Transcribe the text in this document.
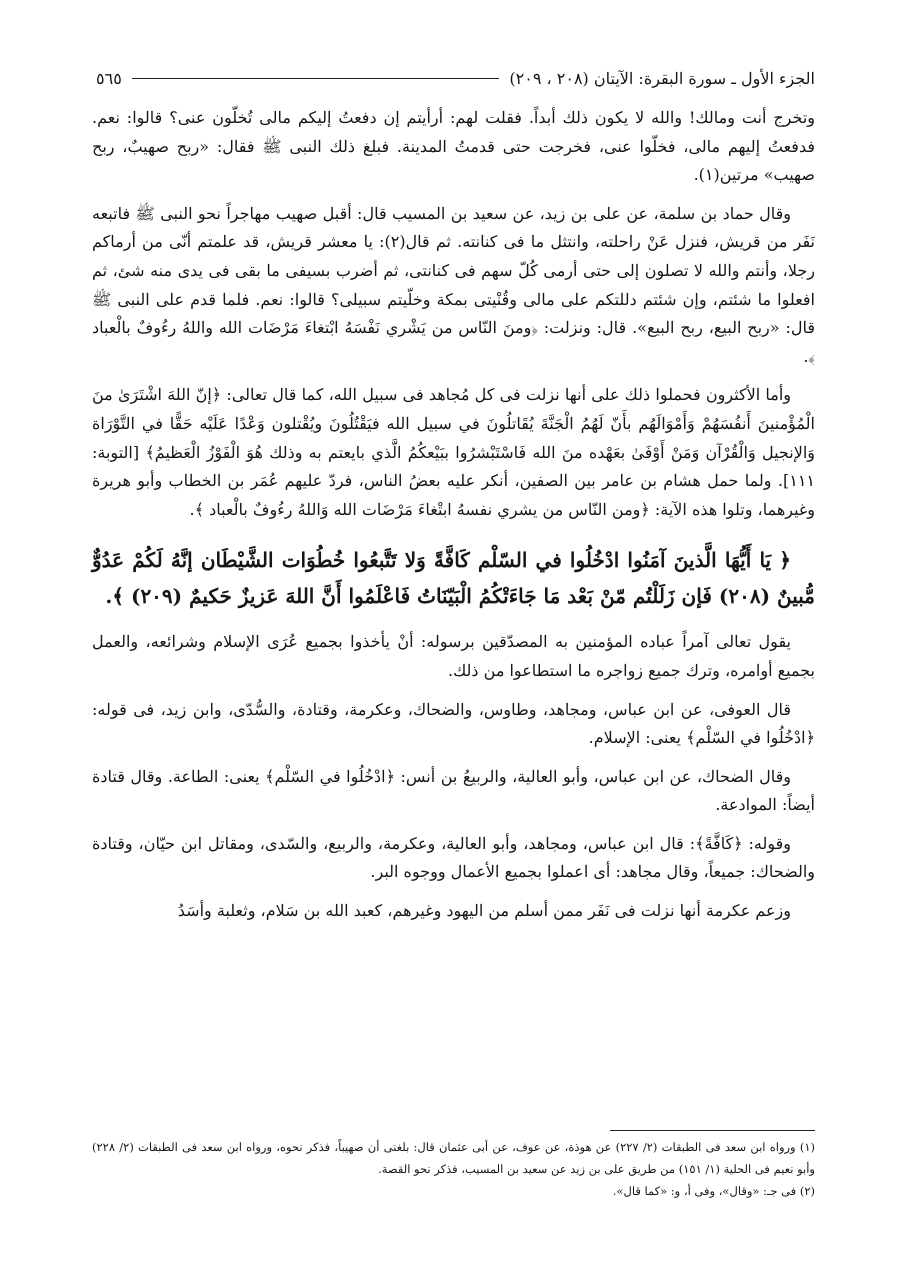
الجزء الأول ـ سورة البقرة: الآيتان (٢٠٨ ، ٢٠٩)
٥٦٥

وتخرج أنت ومالك! والله لا يكون ذلك أبداً. فقلت لهم: أرأيتم إن دفعتُ إليكم مالى تُخلّون عنى؟ قالوا: نعم. فدفعتُ إليهم مالى، فخلّوا عنى، فخرجت حتى قدمتُ المدينة. فبلغ ذلك النبى ﷺ فقال: «ربح صهيبٌ، ربح صهيب» مرتين(١).

وقال حماد بن سلمة، عن على بن زيد، عن سعيد بن المسيب قال: أقبل صهيب مهاجراً نحو النبى ﷺ فاتبعه نَفَر من قريش، فنزل عَنْ راحلته، وانتثل ما فى كنانته. ثم قال(٢): يا معشر قريش، قد علمتم أنّى من أرماكم رجلا، وأنتم والله لا تصلون إلى حتى أرمى كُلّ سهم فى كنانتى، ثم أضرب بسيفى ما بقى فى يدى منه شئ، ثم افعلوا ما شئتم، وإن شئتم دللتكم على مالى وقُنْيتى بمكة وخلّيتم سبيلى؟ قالوا: نعم. فلما قدم على النبى ﷺ قال: «ربح البيع، ربح البيع». قال: ونزلت: ﴿ومنَ النّاس من يَشْري نَفْسَهُ ابْتغاءَ مَرْضَات الله واللهُ رءُوفٌ بالْعباد ﴾.

وأما الأكثرون فحملوا ذلك على أنها نزلت فى كل مُجاهد فى سبيل الله، كما قال تعالى: ﴿إنّ اللهَ اشْتَرَىٰ منَ الْمُؤْمنينَ أَنفُسَهُمْ وَأَمْوَالَهُم بأَنّ لَهُمُ الْجَنَّةَ يُقَاتلُونَ في سبيل الله فيَقْتُلُونَ ويُقْتلون وَعْدًا عَلَيْه حَقًّا في التَّوْرَاة وَالإنجيل وَالْقُرْآن وَمَنْ أَوْفَىٰ بعَهْده منَ الله فَاسْتَبْشرُوا ببَيْعكُمُ الَّذي بايعتم به وذلك هُوَ الْفَوْزُ الْعَظيمُ﴾ [التوبة: ١١١]. ولما حمل هشام بن عامر بين الصفين، أنكر عليه بعضُ الناس، فردّ عليهم عُمَر بن الخطاب وأبو هريرة وغيرهما، وتلوا هذه الآية: ﴿ومن النّاس من يشري نفسهُ ابتْغاءَ مَرْضَات الله وَاللهُ رءُوفٌ بالْعباد ﴾.

﴿ يَا أَيُّهَا الَّذينَ آمَنُوا ادْخُلُوا في السّلْم كَافَّةً وَلا تَتَّبعُوا خُطُوَات الشَّيْطَان إنَّهُ لَكُمْ عَدُوٌّ مُّبينٌ (٢٠٨) فَإن زَلَلْتُم مّنْ بَعْد مَا جَاءَتْكُمُ الْبَيّنَاتُ فَاعْلَمُوا أَنَّ اللهَ عَزيزٌ حَكيمٌ (٢٠٩) ﴾.

يقول تعالى آمراً عباده المؤمنين به المصدّقين برسوله: أنْ يأخذوا بجميع عُرَى الإسلام وشرائعه، والعمل بجميع أوامره، وترك جميع زواجره ما استطاعوا من ذلك.

قال العوفى، عن ابن عباس، ومجاهد، وطاوس، والضحاك، وعكرمة، وقتادة، والسُّدّى، وابن زيد، فى قوله: ﴿ادْخُلُوا في السّلْم﴾ يعنى: الإسلام.

وقال الضحاك، عن ابن عباس، وأبو العالية، والربيعُ بن أنس: ﴿ادْخُلُوا في السّلْم﴾ يعنى: الطاعة. وقال قتادة أيضاً: الموادعة.

وقوله: ﴿كَافَّةً﴾: قال ابن عباس، ومجاهد، وأبو العالية، وعكرمة، والربيع، والسّدى، ومقاتل ابن حيّان، وقتادة والضحاك: جميعاً، وقال مجاهد: أى اعملوا بجميع الأعمال ووجوه البر.

وزعم عكرمة أنها نزلت فى نَفَر ممن أسلم من اليهود وغيرهم، كعبد الله بن سَلام، وثعلبة وأسَدُ

(١) ورواه ابن سعد فى الطبقات (٢/ ٢٢٧) عن هوذة، عن عوف، عن أبى عثمان قال: بلغنى أن صهيباً، فذكر نحوه، ورواه ابن سعد فى الطبقات (٢/ ٢٢٨) وأبو نعيم فى الحلية (١/ ١٥١) من طريق على بن زيد عن سعيد بن المسيب، فذكر نحو القصة.

(٢) فى جـ: «وقال»، وفى أ، و: «كما قال».
